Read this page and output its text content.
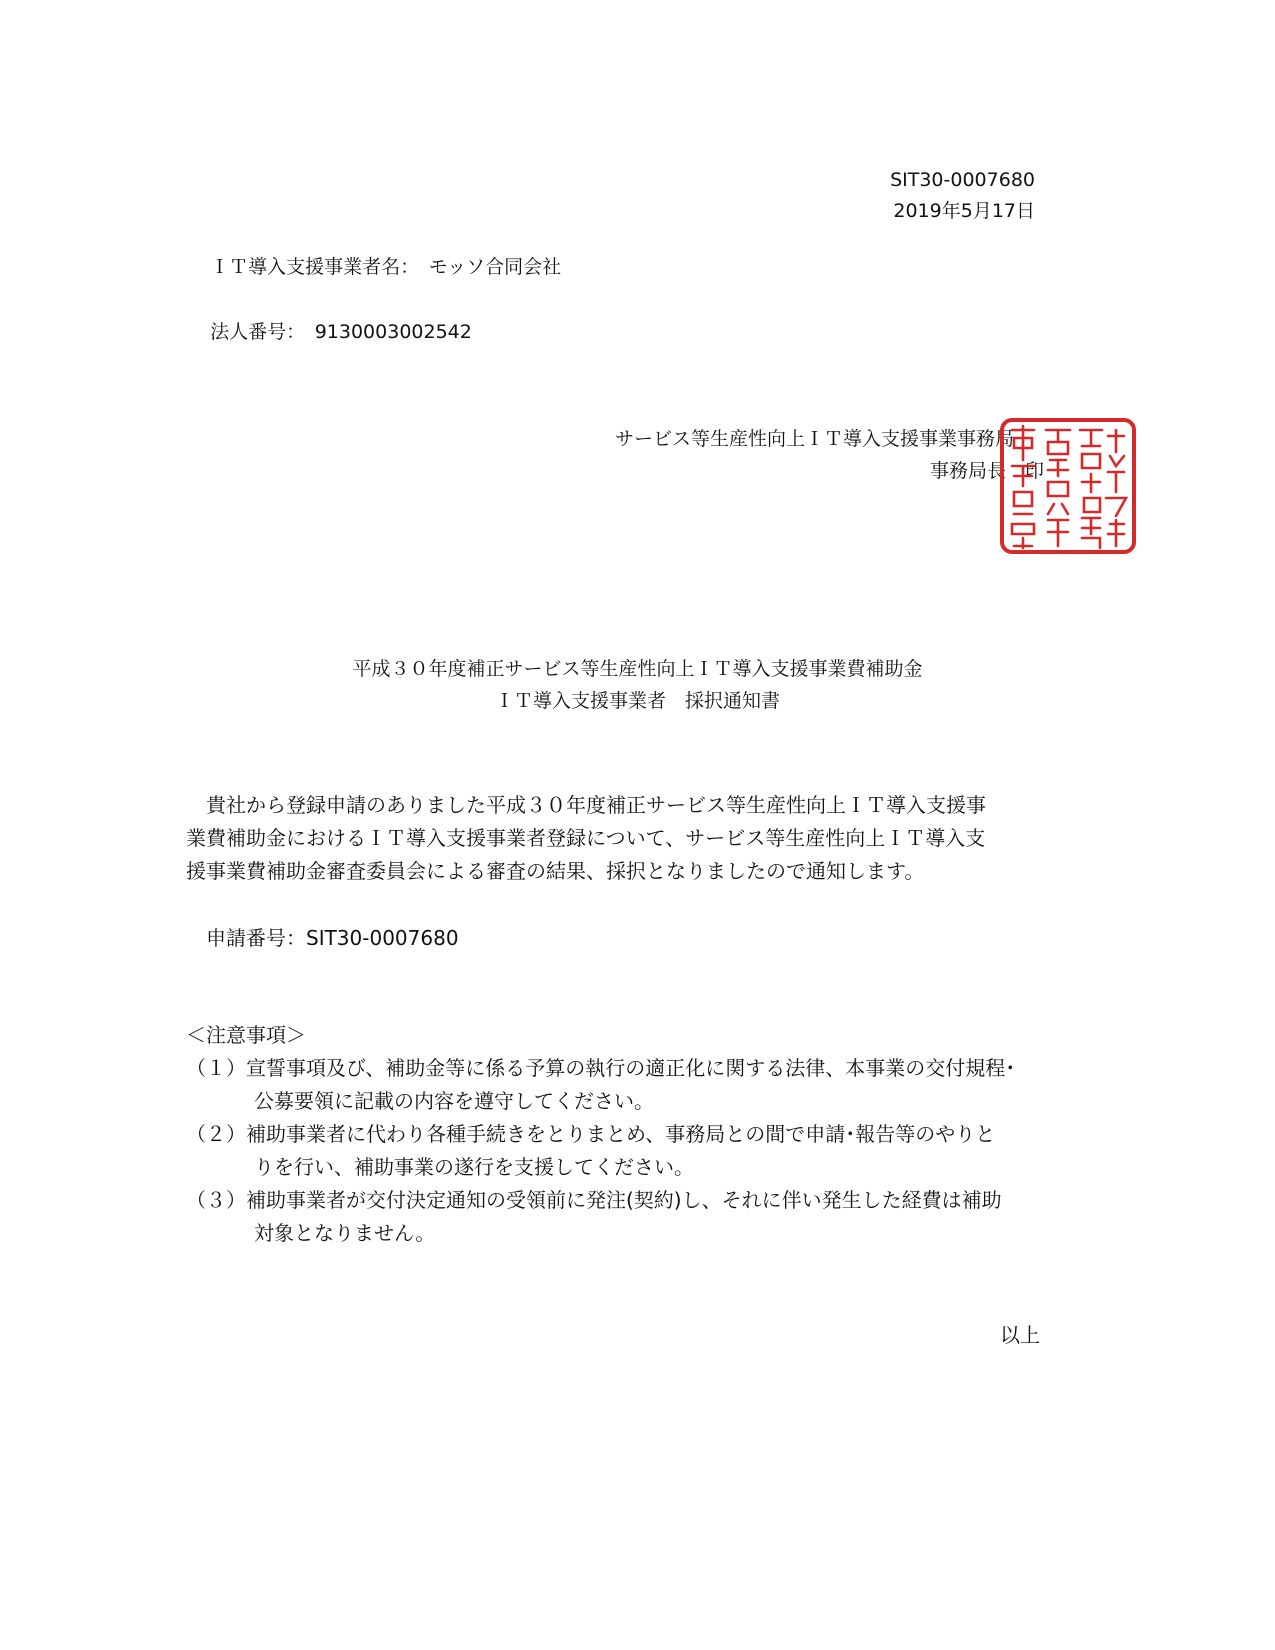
SIT30-0007680
2019年5月17日

ＩＴ導入支援事業者名：　 モッソ合同会社

法人番号：　 9130003002542

サービス等生産性向上ＩＴ導入支援事業事務局
事務局長　印
平成３０年度補正サービス等生産性向上ＩＴ導入支援事業費補助金
ＩＴ導入支援事業者　採択通知書
　貴社から登録申請のありました平成３０年度補正サービス等生産性向上ＩＴ導入支援事
業費補助金におけるＩＴ導入支援事業者登録について、サービス等生産性向上ＩＴ導入支
援事業費補助金審査委員会による審査の結果、採択となりましたので通知します。
　申請番号：SIT30-0007680
＜注意事項＞
（１）宣誓事項及び、補助金等に係る予算の執行の適正化に関する法律、本事業の交付規程･
公募要領に記載の内容を遵守してください。
（２）補助事業者に代わり各種手続きをとりまとめ、事務局との間で申請･報告等のやりと
りを行い、補助事業の遂行を支援してください。
（３）補助事業者が交付決定通知の受領前に発注(契約)し、それに伴い発生した経費は補助
対象となりません。
以上
